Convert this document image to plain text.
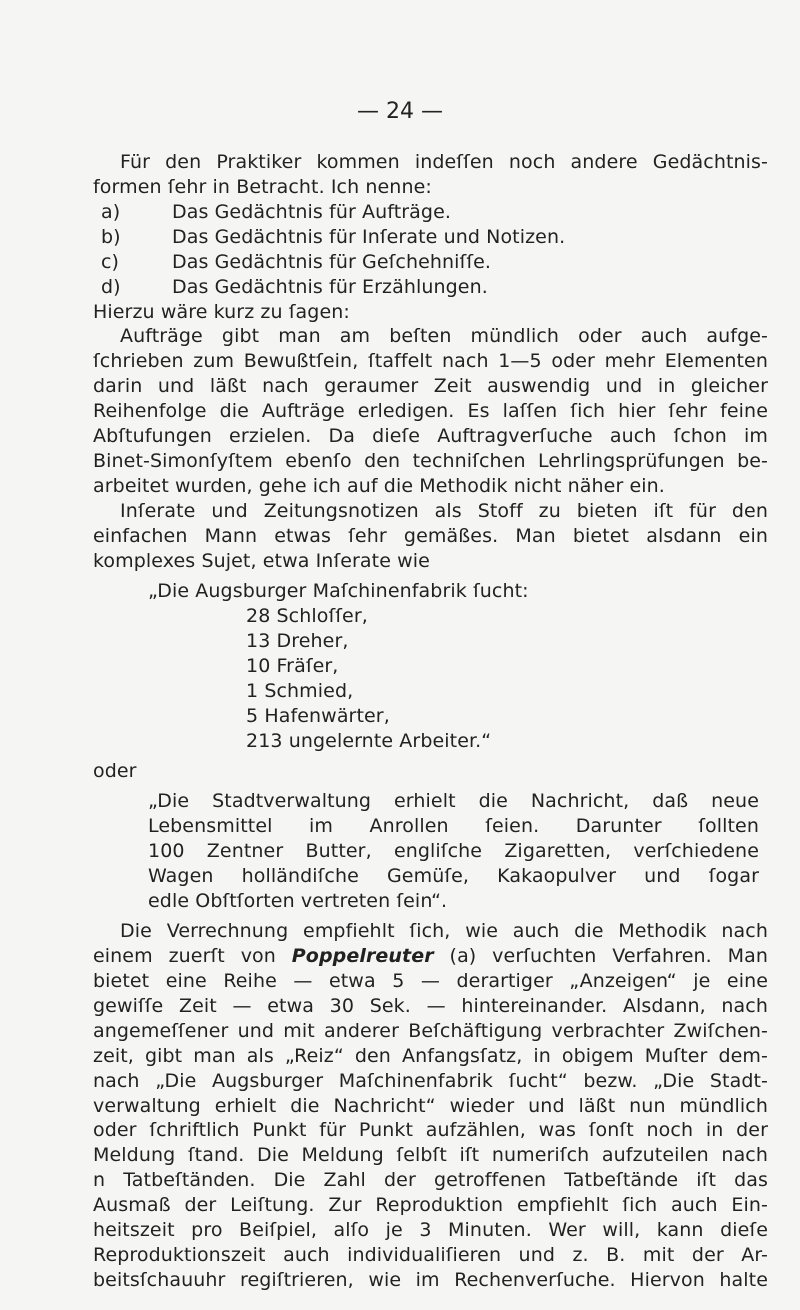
— 24 —
Für den Praktiker kommen indeſſen noch andere Gedächtnis-
formen ſehr in Betracht. Ich nenne:
a)	Das Gedächtnis für Aufträge.
b)	Das Gedächtnis für Inſerate und Notizen.
c)	Das Gedächtnis für Geſchehniſſe.
d)	Das Gedächtnis für Erzählungen.
Hierzu wäre kurz zu ſagen:
Aufträge gibt man am beſten mündlich oder auch aufge-
ſchrieben zum Bewußtſein, ſtaffelt nach 1—5 oder mehr Elementen
darin und läßt nach geraumer Zeit auswendig und in gleicher
Reihenfolge die Aufträge erledigen. Es laſſen ſich hier ſehr feine
Abſtufungen erzielen. Da dieſe Auftragverſuche auch ſchon im
Binet-Simonſyſtem ebenſo den techniſchen Lehrlingsprüfungen be-
arbeitet wurden, gehe ich auf die Methodik nicht näher ein.
Inſerate und Zeitungsnotizen als Stoff zu bieten iſt für den
einfachen Mann etwas ſehr gemäßes. Man bietet alsdann ein
komplexes Sujet, etwa Inſerate wie
„Die Augsburger Maſchinenfabrik ſucht:
28 Schloſſer,
13 Dreher,
10 Fräſer,
1 Schmied,
5 Hafenwärter,
213 ungelernte Arbeiter.“
oder
„Die Stadtverwaltung erhielt die Nachricht, daß neue
Lebensmittel im Anrollen ſeien. Darunter ſollten
100 Zentner Butter, engliſche Zigaretten, verſchiedene
Wagen holländiſche Gemüſe, Kakaopulver und ſogar
edle Obſtſorten vertreten ſein“.
Die Verrechnung empfiehlt ſich, wie auch die Methodik nach
einem zuerſt von Poppelreuter (a) verſuchten Verfahren. Man
bietet eine Reihe — etwa 5 — derartiger „Anzeigen“ je eine
gewiſſe Zeit — etwa 30 Sek. — hintereinander. Alsdann, nach
angemeſſener und mit anderer Beſchäftigung verbrachter Zwiſchen-
zeit, gibt man als „Reiz“ den Anfangsſatz, in obigem Muſter dem-
nach „Die Augsburger Maſchinenfabrik ſucht“ bezw. „Die Stadt-
verwaltung erhielt die Nachricht“ wieder und läßt nun mündlich
oder ſchriftlich Punkt für Punkt aufzählen, was ſonſt noch in der
Meldung ſtand. Die Meldung ſelbſt iſt numeriſch aufzuteilen nach
n Tatbeſtänden. Die Zahl der getroffenen Tatbeſtände iſt das
Ausmaß der Leiſtung. Zur Reproduktion empfiehlt ſich auch Ein-
heitszeit pro Beiſpiel, alſo je 3 Minuten. Wer will, kann dieſe
Reproduktionszeit auch individualiſieren und z. B. mit der Ar-
beitsſchauuhr regiſtrieren, wie im Rechenverſuche. Hiervon halte
